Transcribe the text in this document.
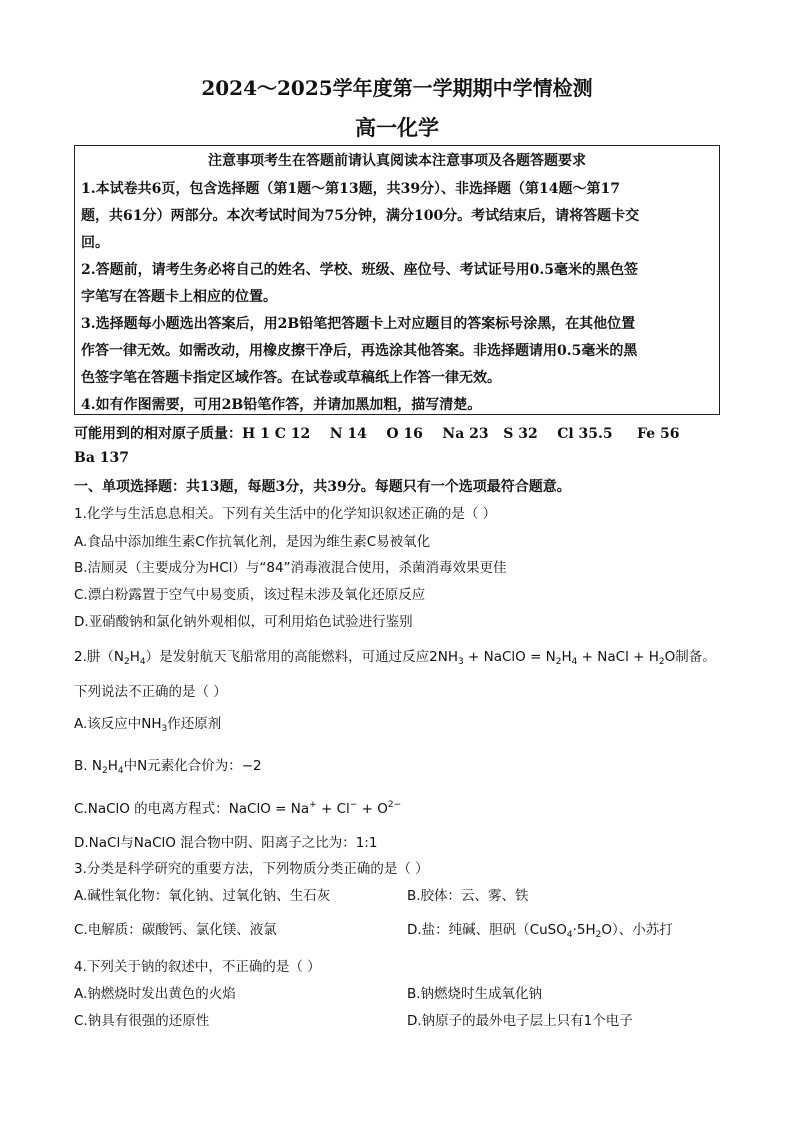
2024～2025学年度第一学期期中学情检测
高一化学
注意事项考生在答题前请认真阅读本注意事项及各题答题要求
1.本试卷共6页，包含选择题（第1题～第13题，共39分）、非选择题（第14题～第17
题，共61分）两部分。本次考试时间为75分钟，满分100分。考试结束后，请将答题卡交
回。
2.答题前，请考生务必将自己的姓名、学校、班级、座位号、考试证号用0.5毫米的黑色签
字笔写在答题卡上相应的位置。
3.选择题每小题选出答案后，用2B铅笔把答题卡上对应题目的答案标号涂黑，在其他位置
作答一律无效。如需改动，用橡皮擦干净后，再选涂其他答案。非选择题请用0.5毫米的黑
色签字笔在答题卡指定区域作答。在试卷或草稿纸上作答一律无效。
4.如有作图需要，可用2B铅笔作答，并请加黑加粗，描写清楚。
可能用到的相对原子质量：H 1 C 12    N 14    O 16    Na 23   S 32    Cl 35.5     Fe 56
Ba 137
一、单项选择题：共13题，每题3分，共39分。每题只有一个选项最符合题意。
1.化学与生活息息相关。下列有关生活中的化学知识叙述正确的是（ ）
A.食品中添加维生素C作抗氧化剂，是因为维生素C易被氧化
B.洁厕灵（主要成分为HCl）与“84”消毒液混合使用，杀菌消毒效果更佳
C.漂白粉露置于空气中易变质，该过程未涉及氧化还原反应
D.亚硝酸钠和氯化钠外观相似，可利用焰色试验进行鉴别
2.肼$(N_2H_4)$是发射航天飞船常用的高能燃料，可通过反应$2NH_3$ + NaClO = $N_2H_4$ + NaCl + $H_2O$制备。
下列说法不正确的是（ ）
A.该反应中$NH_3$作还原剂
B. $N_2H_4$中N元素化合价为：−2
C.NaClO 的电离方程式：NaClO = $Na^+ + Cl^- + O^{2-}$
D.NaCl与NaClO 混合物中阴、阳离子之比为：1:1
3.分类是科学研究的重要方法，下列物质分类正确的是（ ）
A.碱性氧化物：氧化钠、过氧化钠、生石灰	B.胶体：云、雾、铁
C.电解质：碳酸钙、氯化镁、液氯	D.盐：纯碱、胆矾$(CuSO_4\cdot 5H_2O)$、小苏打
4.下列关于钠的叙述中，不正确的是（ ）
A.钠燃烧时发出黄色的火焰	B.钠燃烧时生成氧化钠
C.钠具有很强的还原性	D.钠原子的最外电子层上只有1个电子
